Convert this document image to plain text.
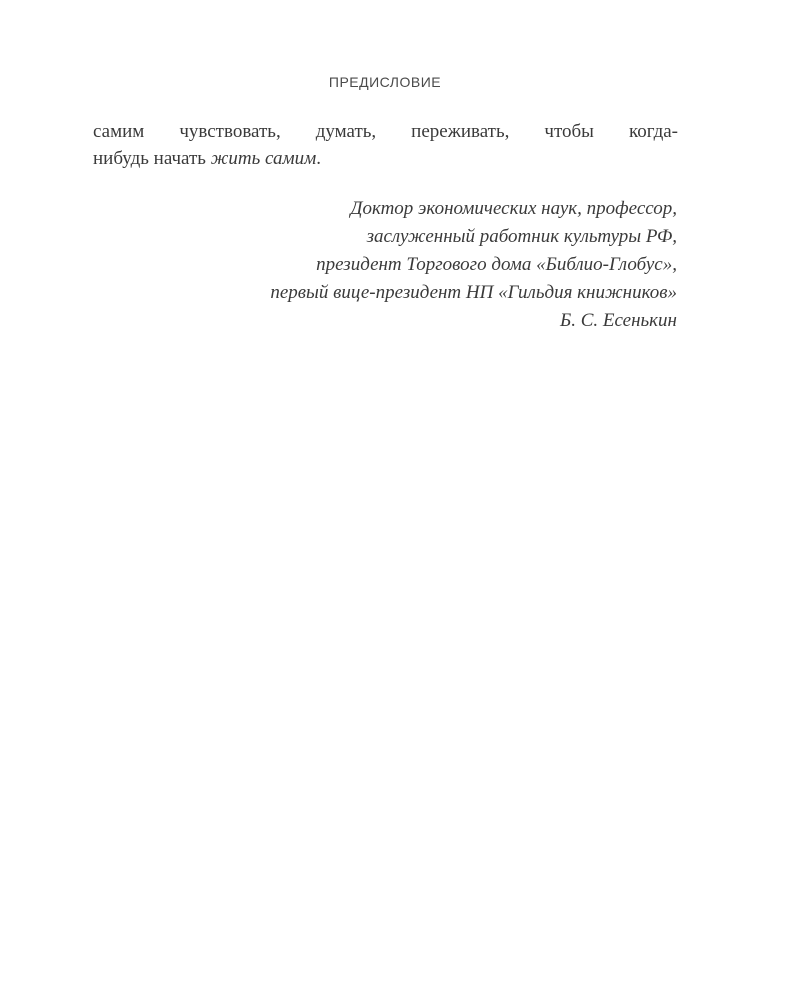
ПРЕДИСЛОВИЕ
самим чувствовать, думать, переживать, чтобы когда-
нибудь начать жить самим.
Доктор экономических наук, профессор,
заслуженный работник культуры РФ,
президент Торгового дома «Библио-Глобус»,
первый вице-президент НП «Гильдия книжников»
Б. С. Есенькин
